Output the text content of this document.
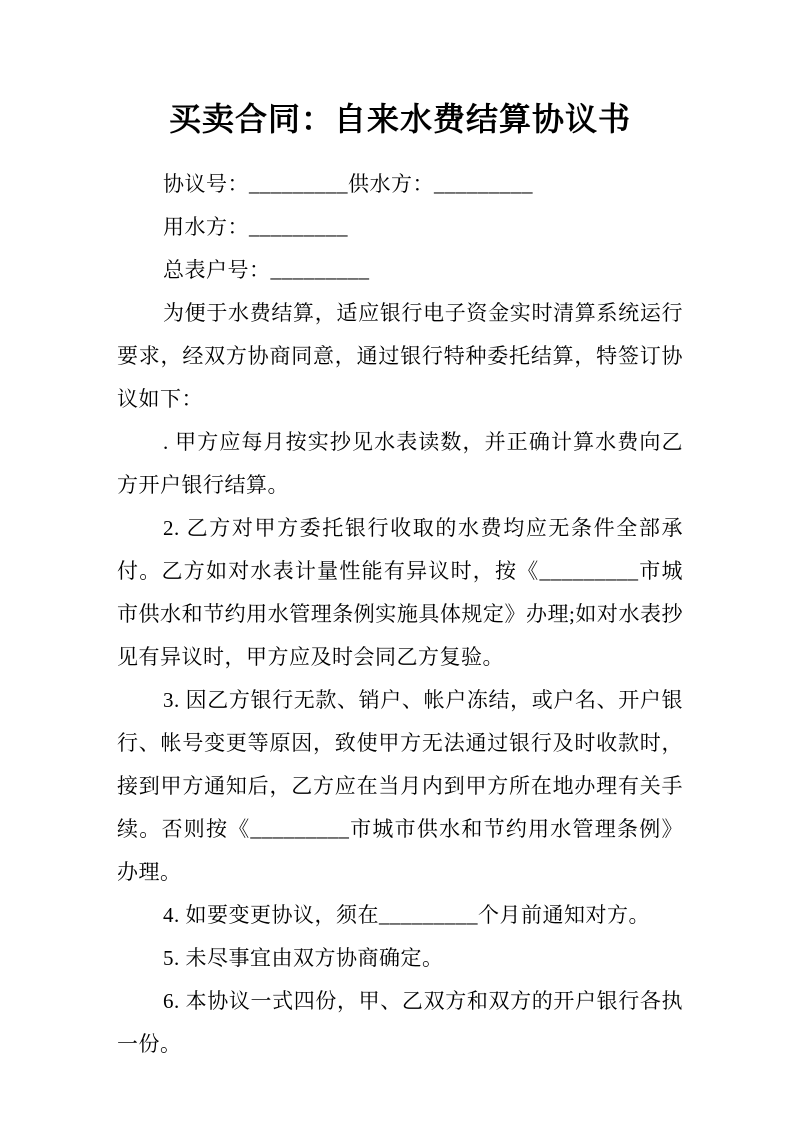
买卖合同：自来水费结算协议书

协议号：_________供水方：_________

用水方：_________

总表户号：_________

为便于水费结算，适应银行电子资金实时清算系统运行要求，经双方协商同意，通过银行特种委托结算，特签订协议如下：

. 甲方应每月按实抄见水表读数，并正确计算水费向乙方开户银行结算。

2. 乙方对甲方委托银行收取的水费均应无条件全部承付。乙方如对水表计量性能有异议时，按《_________市城市供水和节约用水管理条例实施具体规定》办理;如对水表抄见有异议时，甲方应及时会同乙方复验。

3. 因乙方银行无款、销户、帐户冻结，或户名、开户银行、帐号变更等原因，致使甲方无法通过银行及时收款时，接到甲方通知后，乙方应在当月内到甲方所在地办理有关手续。否则按《_________市城市供水和节约用水管理条例》办理。

4. 如要变更协议，须在_________个月前通知对方。

5. 未尽事宜由双方协商确定。

6. 本协议一式四份，甲、乙双方和双方的开户银行各执一份。
